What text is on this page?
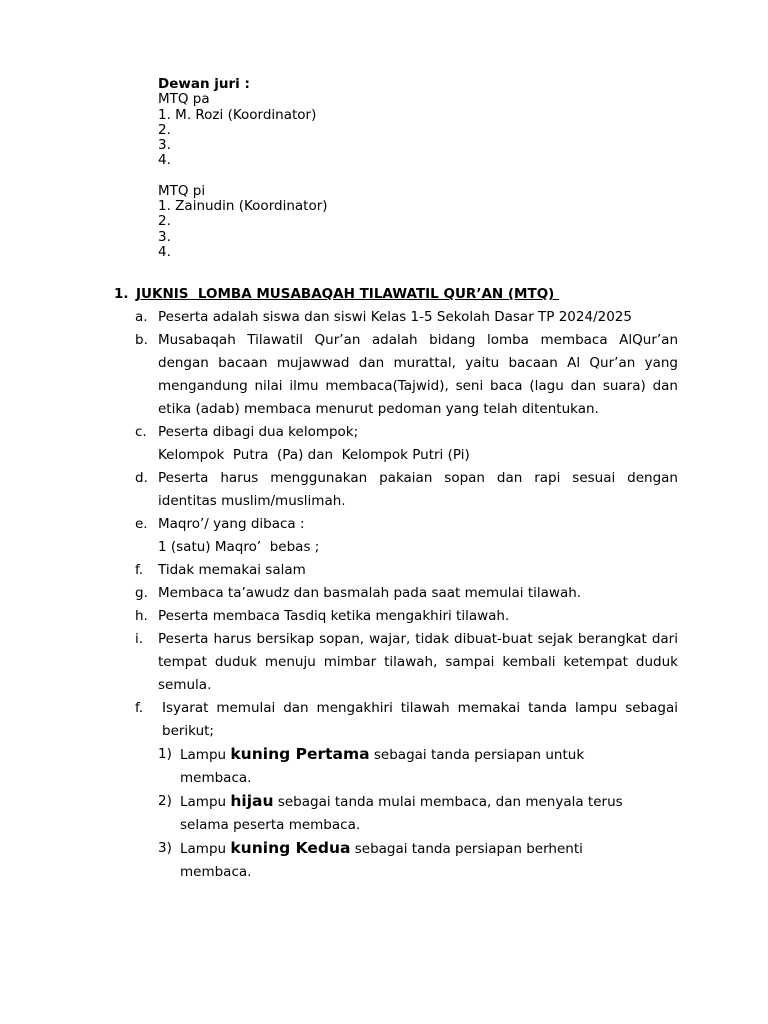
Dewan juri :
MTQ pa
1. M. Rozi (Koordinator)
2.
3.
4.
MTQ pi
1. Zainudin (Koordinator)
2.
3.
4.
1. JUKNIS  LOMBA MUSABAQAH TILAWATIL QUR’AN (MTQ)
a. Peserta adalah siswa dan siswi Kelas 1-5 Sekolah Dasar TP 2024/2025
b. Musabaqah Tilawatil Qur’an adalah bidang lomba membaca AlQur’an dengan bacaan mujawwad dan murattal, yaitu bacaan Al Qur’an yang mengandung nilai ilmu membaca(Tajwid), seni baca (lagu dan suara) dan etika (adab) membaca menurut pedoman yang telah ditentukan.
c. Peserta dibagi dua kelompok;
Kelompok  Putra  (Pa) dan  Kelompok Putri (Pi)
d. Peserta harus menggunakan pakaian sopan dan rapi sesuai dengan identitas muslim/muslimah.
e. Maqro’/ yang dibaca :
1 (satu) Maqro’  bebas ;
f.	Tidak memakai salam
g. Membaca ta’awudz dan basmalah pada saat memulai tilawah.
h. Peserta membaca Tasdiq ketika mengakhiri tilawah.
i.	Peserta harus bersikap sopan, wajar, tidak dibuat-buat sejak berangkat dari tempat duduk menuju mimbar tilawah, sampai kembali ketempat duduk semula.
f.	Isyarat memulai dan mengakhiri tilawah memakai tanda lampu sebagai berikut;
1) Lampu kuning Pertama sebagai tanda persiapan untuk
membaca.
2) Lampu hijau sebagai tanda mulai membaca, dan menyala terus
selama peserta membaca.
3) Lampu kuning Kedua sebagai tanda persiapan berhenti
membaca.
